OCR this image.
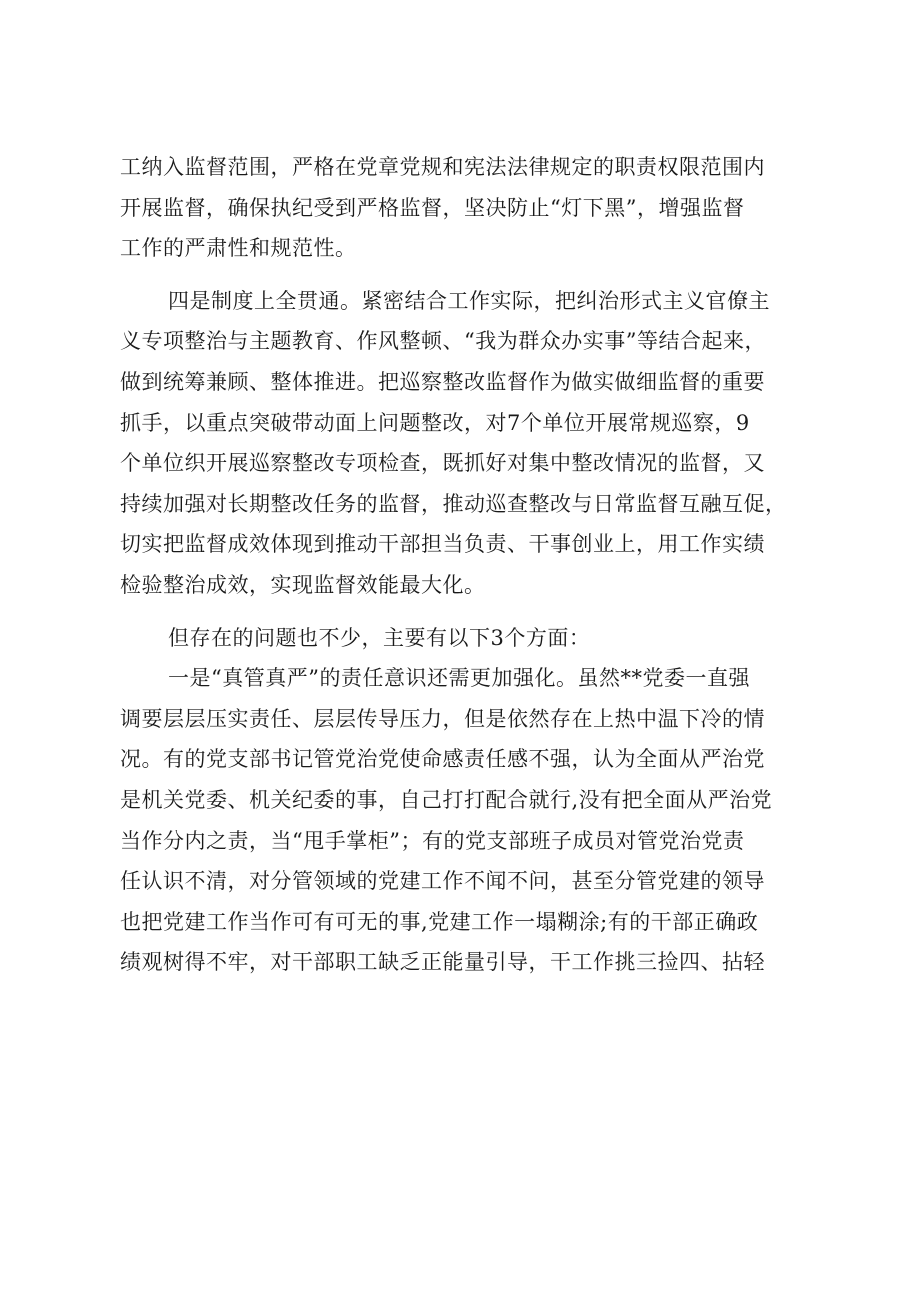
工纳入监督范围，严格在党章党规和宪法法律规定的职责权限范围内
开展监督，确保执纪受到严格监督，坚决防止“灯下黑”，增强监督
工作的严肃性和规范性。
四是制度上全贯通。紧密结合工作实际，把纠治形式主义官僚主
义专项整治与主题教育、作风整顿、“我为群众办实事”等结合起来，
做到统筹兼顾、整体推进。把巡察整改监督作为做实做细监督的重要
抓手，以重点突破带动面上问题整改，对7个单位开展常规巡察，9
个单位织开展巡察整改专项检查，既抓好对集中整改情况的监督，又
持续加强对长期整改任务的监督，推动巡查整改与日常监督互融互促，
切实把监督成效体现到推动干部担当负责、干事创业上，用工作实绩
检验整治成效，实现监督效能最大化。
但存在的问题也不少，主要有以下3个方面：
一是“真管真严”的责任意识还需更加强化。虽然**党委一直强
调要层层压实责任、层层传导压力，但是依然存在上热中温下冷的情
况。有的党支部书记管党治党使命感责任感不强，认为全面从严治党
是机关党委、机关纪委的事，自己打打配合就行,没有把全面从严治党
当作分内之责，当“甩手掌柜”；有的党支部班子成员对管党治党责
任认识不清，对分管领域的党建工作不闻不问，甚至分管党建的领导
也把党建工作当作可有可无的事,党建工作一塌糊涂;有的干部正确政
绩观树得不牢，对干部职工缺乏正能量引导，干工作挑三捡四、拈轻
